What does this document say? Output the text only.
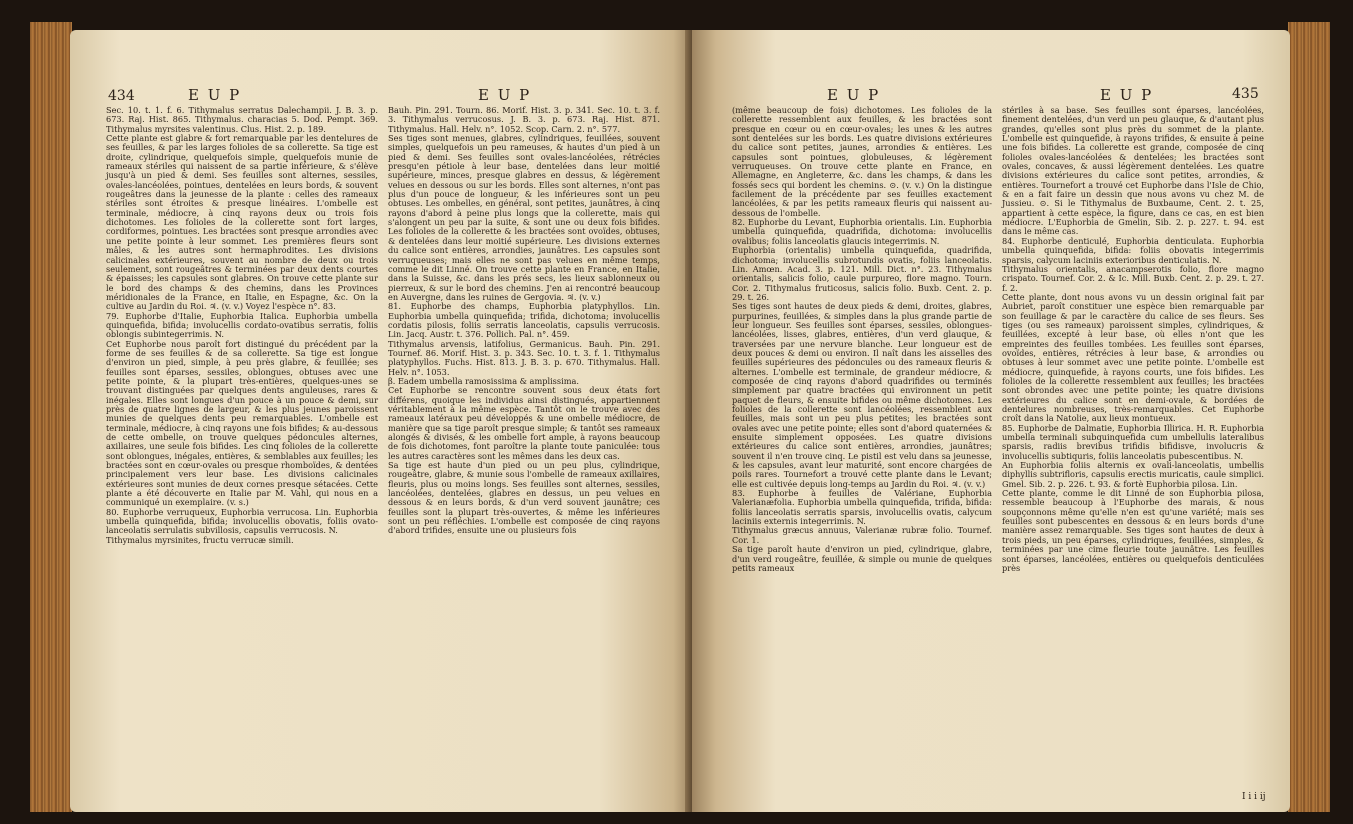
434	E U P	E U P

Sec. 10. t. 1. f. 6. Tithymalus serratus Dalechampii. J. B. 3. p. 673. Raj. Hist. 865. Tithymalus. characias 5. Dod. Pempt. 369. Tithymalus myrsites valentinus. Clus. Hist. 2. p. 189.

Cette plante est glabre & fort remarquable par les dentelures de ses feuilles, & par les larges folioles de sa collerette. Sa tige est droite, cylindrique, quelquefois simple, quelquefois munie de rameaux stériles qui naissent de sa partie inférieure, & s'élève jusqu'à un pied & demi. Ses feuilles sont alternes, sessiles, ovales-lancéolées, pointues, dentelées en leurs bords, & souvent rougeâtres dans la jeunesse de la plante : celles des rameaux stériles sont étroites & presque linéaires. L'ombelle est terminale, médiocre, à cinq rayons deux ou trois fois dichotomes. Les folioles de la collerette sont fort larges, cordiformes, pointues. Les bractées sont presque arrondies avec une petite pointe à leur sommet. Les premières fleurs sont mâles, & les autres sont hermaphrodites. Les divisions calicinales extérieures, souvent au nombre de deux ou trois seulement, sont rougeâtres & terminées par deux dents courtes & épaisses; les capsules sont glabres. On trouve cette plante sur le bord des champs & des chemins, dans les Provinces méridionales de la France, en Italie, en Espagne, &c. On la cultive au Jardin du Roi. ♃. (v. v.) Voyez l'espèce n°. 83.

79. Euphorbe d'Italie, Euphorbia Italica. Euphorbia umbella quinquefida, bifida; involucellis cordato-ovatibus serratis, foliis oblongis subintegerrimis. N.

Cet Euphorbe nous paroît fort distingué du précédent par la forme de ses feuilles & de sa collerette. Sa tige est longue d'environ un pied, simple, à peu près glabre, & feuillée; ses feuilles sont éparses, sessiles, oblongues, obtuses avec une petite pointe, & la plupart très-entières, quelques-unes se trouvant distinguées par quelques dents anguleuses, rares & inégales. Elles sont longues d'un pouce à un pouce & demi, sur près de quatre lignes de largeur, & les plus jeunes paroissent munies de quelques dents peu remarquables. L'ombelle est terminale, médiocre, à cinq rayons une fois bifides; & au-dessous de cette ombelle, on trouve quelques pédoncules alternes, axillaires, une seule fois bifides. Les cinq folioles de la collerette sont oblongues, inégales, entières, & semblables aux feuilles; les bractées sont en cœur-ovales ou presque rhomboïdes, & dentées principalement vers leur base. Les divisions calicinales extérieures sont munies de deux cornes presque sétacées. Cette plante a été découverte en Italie par M. Vahl, qui nous en a communiqué un exemplaire. (v. s.)

80. Euphorbe verruqueux, Euphorbia verrucosa. Lin. Euphorbia umbella quinquefida, bifida; involucellis obovatis, foliis ovato-lanceolatis serrulatis subvillosis, capsulis verrucosis. N.

Tithymalus myrsinites, fructu verrucæ simili.

Bauh. Pin. 291. Tourn. 86. Morif. Hist. 3. p. 341. Sec. 10. t. 3. f. 3. Tithymalus verrucosus. J. B. 3. p. 673. Raj. Hist. 871. Tithymalus. Hall. Helv. n°. 1052. Scop. Carn. 2. n°. 577.

Ses tiges sont menues, glabres, cylindriques, feuillées, souvent simples, quelquefois un peu rameuses, & hautes d'un pied à un pied & demi. Ses feuilles sont ovales-lancéolées, rétrécies presqu'en pétiole à leur base, dentelées dans leur moitié supérieure, minces, presque glabres en dessus, & légèrement velues en dessous ou sur les bords. Elles sont alternes, n'ont pas plus d'un pouce de longueur, & les inférieures sont un peu obtuses. Les ombelles, en général, sont petites, jaunâtres, à cinq rayons d'abord à peine plus longs que la collerette, mais qui s'alongent un peu par la suite, & sont une ou deux fois bifides. Les folioles de la collerette & les bractées sont ovoïdes, obtuses, & dentelées dans leur moitié supérieure. Les divisions externes du calice sont entières, arrondies, jaunâtres. Les capsules sont verruqueuses; mais elles ne sont pas velues en même temps, comme le dit Linné. On trouve cette plante en France, en Italie, dans la Suisse, &c. dans les prés secs, les lieux sablonneux ou pierreux, & sur le bord des chemins. J'en ai rencontré beaucoup en Auvergne, dans les ruines de Gergovia. ♃. (v. v.)

81. Euphorbe des champs, Euphorbia platyphyllos. Lin. Euphorbia umbella quinquefida; trifida, dichotoma; involucellis cordatis pilosis, foliis serratis lanceolatis, capsulis verrucosis. Lin. Jacq. Austr. t. 376. Pollich. Pal. n°. 459.

Tithymalus arvensis, latifolius, Germanicus. Bauh. Pin. 291. Tournef. 86. Morif. Hist. 3. p. 343. Sec. 10. t. 3. f. 1. Tithymalus platyphyllos. Fuchs. Hist. 813. J. B. 3. p. 670. Tithymalus. Hall. Helv. n°. 1053.

β. Eadem umbella ramosissima & amplissima.

Cet Euphorbe se rencontre souvent sous deux états fort différens, quoique les individus ainsi distingués, appartiennent véritablement à la même espèce. Tantôt on le trouve avec des rameaux latéraux peu développés & une ombelle médiocre, de manière que sa tige paroît presque simple; & tantôt ses rameaux alongés & divisés, & les ombelle fort ample, à rayons beaucoup de fois dichotomes, font paroître la plante toute paniculée: tous les autres caractères sont les mêmes dans les deux cas.

Sa tige est haute d'un pied ou un peu plus, cylindrique, rougeâtre, glabre, & munie sous l'ombelle de rameaux axillaires, fleuris, plus ou moins longs. Ses feuilles sont alternes, sessiles, lancéolées, dentelées, glabres en dessus, un peu velues en dessous & en leurs bords, & d'un verd souvent jaunâtre; ces feuilles sont la plupart très-ouvertes, & même les inférieures sont un peu réfléchies. L'ombelle est composée de cinq rayons d'abord trifides, ensuite une ou plusieurs fois

E U P	E U P	435

(même beaucoup de fois) dichotomes. Les folioles de la collerette ressemblent aux feuilles, & les bractées sont presque en cœur ou en cœur-ovales; les unes & les autres sont dentelées sur les bords. Les quatre divisions extérieures du calice sont petites, jaunes, arrondies & entières. Les capsules sont pointues, globuleuses, & légèrement verruqueuses. On trouve cette plante en France, en Allemagne, en Angleterre, &c. dans les champs, & dans les fossés secs qui bordent les chemins. ⊙. (v. v.) On la distingue facilement de la précédente par ses feuilles exactement lancéolées, & par les petits rameaux fleuris qui naissent au-dessous de l'ombelle.

82. Euphorbe du Levant, Euphorbia orientalis. Lin. Euphorbia umbella quinquefida, quadrifida, dichotoma: involucellis ovalibus; foliis lanceolatis glaucis integerrimis. N.

Euphorbia (orientalis) umbella quinquefida, quadrifida, dichotoma; involucellis subrotundis ovatis, foliis lanceolatis. Lin. Amœn. Acad. 3. p. 121. Mill. Dict. n°. 23. Tithymalus orientalis, salicis folio, caule purpureo, flore magno. Tourn. Cor. 2. Tithymalus fruticosus, salicis folio. Buxb. Cent. 2. p. 29. t. 26.

Ses tiges sont hautes de deux pieds & demi, droites, glabres, purpurines, feuillées, & simples dans la plus grande partie de leur longueur. Ses feuilles sont éparses, sessiles, oblongues-lancéolées, lisses, glabres, entières, d'un verd glauque, & traversées par une nervure blanche. Leur longueur est de deux pouces & demi ou environ. Il naît dans les aisselles des feuilles supérieures des pédoncules ou des rameaux fleuris & alternes. L'ombelle est terminale, de grandeur médiocre, & composée de cinq rayons d'abord quadrifides ou terminés simplement par quatre bractées qui environnent un petit paquet de fleurs, & ensuite bifides ou même dichotomes. Les folioles de la collerette sont lancéolées, ressemblent aux feuilles, mais sont un peu plus petites; les bractées sont ovales avec une petite pointe; elles sont d'abord quaternées & ensuite simplement opposées. Les quatre divisions extérieures du calice sont entières, arrondies, jaunâtres; souvent il n'en trouve cinq. Le pistil est velu dans sa jeunesse, & les capsules, avant leur maturité, sont encore chargées de poils rares. Tournefort a trouvé cette plante dans le Levant; elle est cultivée depuis long-temps au Jardin du Roi. ♃. (v. v.)

83. Euphorbe à feuilles de Valériane, Euphorbia Valerianæfolia. Euphorbia umbella quinquefida, trifida, bifida: foliis lanceolatis serratis sparsis, involucellis ovatis, calycum laciniis externis integerrimis. N.

Tithymalus græcus annuus, Valerianæ rubræ folio. Tournef. Cor. 1.

Sa tige paroît haute d'environ un pied, cylindrique, glabre, d'un verd rougeâtre, feuillée, & simple ou munie de quelques petits rameaux

stériles à sa base. Ses feuilles sont éparses, lancéolées, finement dentelées, d'un verd un peu glauque, & d'autant plus grandes, qu'elles sont plus près du sommet de la plante. L'ombelle est quinquefide, à rayons trifides, & ensuite à peine une fois bifides. La collerette est grande, composée de cinq folioles ovales-lancéolées & dentelées; les bractées sont ovales, concaves, & aussi légèrement dentelées. Les quatre divisions extérieures du calice sont petites, arrondies, & entières. Tournefort a trouvé cet Euphorbe dans l'Isle de Chio, & en a fait faire un dessin que nous avons vu chez M. de Jussieu. ⊙. Si le Tithymalus de Buxbaume, Cent. 2. t. 25, appartient à cette espèce, la figure, dans ce cas, en est bien médiocre. L'Euphorbia de Gmelin, Sib. 2. p. 227. t. 94. est dans le même cas.

84. Euphorbe denticulé, Euphorbia denticulata. Euphorbia umbella quinquefida, bifida: foliis obovatis integerrimis sparsis, calycum laciniis exterioribus denticulatis. N.

Tithymalus orientalis, anacampserotis folio, flore magno crispato. Tournef. Cor. 2. & Ic. Mill. Buxb. Cent. 2. p. 29. t. 27. f. 2.

Cette plante, dont nous avons vu un dessin original fait par Aubriet, paroît constituer une espèce bien remarquable par son feuillage & par le caractère du calice de ses fleurs. Ses tiges (ou ses rameaux) paroissent simples, cylindriques, & feuillées, excepté à leur base, où elles n'ont que les empreintes des feuilles tombées. Les feuilles sont éparses, ovoïdes, entières, rétrécies à leur base, & arrondies ou obtuses à leur sommet avec une petite pointe. L'ombelle est médiocre, quinquefide, à rayons courts, une fois bifides. Les folioles de la collerette ressemblent aux feuilles; les bractées sont obrondes avec une petite pointe; les quatre divisions extérieures du calice sont en demi-ovale, & bordées de dentelures nombreuses, très-remarquables. Cet Euphorbe croît dans la Natolie, aux lieux montueux.

85. Euphorbe de Dalmatie, Euphorbia Illirica. H. R. Euphorbia umbella terminali subquinquefida cum umbellulis lateralibus sparsis, radiis brevibus trifidis bifidisve, involucris & involucellis subtiquris, foliis lanceolatis pubescentibus. N.

An Euphorbia foliis alternis ex ovali-lanceolatis, umbellis diphyllis subtrifloris, capsulis erectis muricatis, caule simplici. Gmel. Sib. 2. p. 226. t. 93. & fortè Euphorbia pilosa. Lin.

Cette plante, comme le dit Linné de son Euphorbia pilosa, ressemble beaucoup à l'Euphorbe des marais, & nous soupçonnons même qu'elle n'en est qu'une variété; mais ses feuilles sont pubescentes en dessous & en leurs bords d'une manière assez remarquable. Ses tiges sont hautes de deux à trois pieds, un peu éparses, cylindriques, feuillées, simples, & terminées par une cime fleurie toute jaunâtre. Les feuilles sont éparses, lancéolées, entières ou quelquefois denticulées près

I i i ij
